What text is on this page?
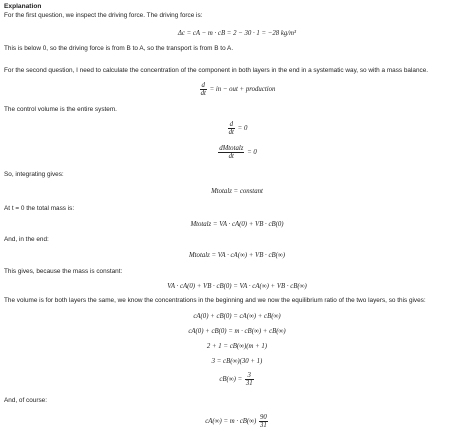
Explanation
For the first question, we inspect the driving force. The driving force is:
Δc = cA − m · cB = 2 − 30 · 1 = −28 kg/m³
This is below 0, so the driving force is from B to A, so the transport is from B to A.
For the second question, I need to calculate the concentration of the component in both layers in the end in a systematic way, so with a mass balance.
$\frac{d}{dt}$ = in − out + production
The control volume is the entire system.
$\frac{d}{dt} = 0$
$\frac{\text{dMtotalz}}{dt} = 0$
So, integrating gives:
Mtotalz = constant
At t = 0 the total mass is:
Mtotalz = VA · cA(0) + VB · cB(0)
And, in the end:
Mtotalz = VA · cA(∞) + VB · cB(∞)
This gives, because the mass is constant:
VA · cA(0) + VB · cB(0) = VA · cA(∞) + VB · cB(∞)
The volume is for both layers the same, we know the concentrations in the beginning and we now the equilibrium ratio of the two layers, so this gives:
cA(0) + cB(0) = cA(∞) + cB(∞)
cA(0) + cB(0) = m · cB(∞) + cB(∞)
2 + 1 = cB(∞)(m + 1)
3 = cB(∞)(30 + 1)
$cB(\infty) = \frac{3}{31}$
And, of course:
$cA(\infty) = m \cdot cB(\infty) \frac{90}{31}$
